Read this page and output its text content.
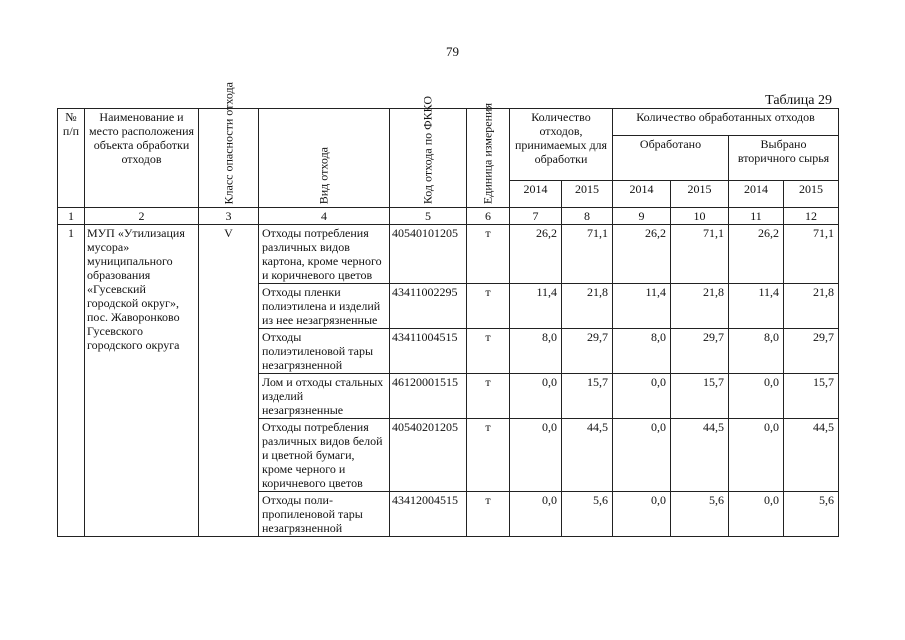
79
Таблица 29
№ п/п	Наименование и место расположения объекта обработки отходов	Класс опасности отхода	Вид отхода	Код отхода по ФККО	Единица измерения	Количество отходов, принимаемых для обработки		Количество обработанных отходов			
								Обработано		Выбрано вторичного сырья	
						2014	2015	2014	2015	2014	2015
1	2	3	4	5	6	7	8	9	10	11	12
1	МУП «Утилизация мусора» муниципального образования «Гусевский городской округ», пос. Жаворонково Гусевского городского округа	V	Отходы потребления различных видов картона, кроме черного и коричневого цветов	40540101205	т	26,2	71,1	26,2	71,1	26,2	71,1
			Отходы пленки полиэтилена и изделий из нее незагрязненные	43411002295	т	11,4	21,8	11,4	21,8	11,4	21,8
			Отходы полиэтиленовой тары незагрязненной	43411004515	т	8,0	29,7	8,0	29,7	8,0	29,7
			Лом и отходы стальных изделий незагрязненные	46120001515	т	0,0	15,7	0,0	15,7	0,0	15,7
			Отходы потребления различных видов белой и цветной бумаги, кроме черного и коричневого цветов	40540201205	т	0,0	44,5	0,0	44,5	0,0	44,5
			Отходы поли-пропиленовой тары незагрязненной	43412004515	т	0,0	5,6	0,0	5,6	0,0	5,6
